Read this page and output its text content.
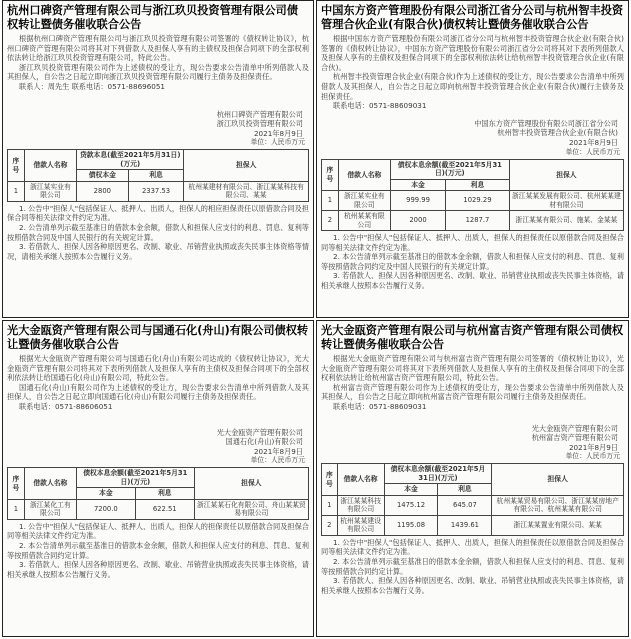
杭州口碑资产管理有限公司与浙江玖贝投资管理有限公司债权转让暨债务催收联合公告

根据杭州口碑资产管理有限公司与浙江玖贝投资管理有限公司签署的《债权转让协议》，杭州口碑资产管理有限公司将其对下列借款人及担保人享有的主债权及担保合同项下的全部权利依法转让给浙江玖贝投资管理有限公司，特此公告。

浙江玖贝投资管理有限公司作为上述债权的受让方，现公告要求公告清单中所列借款人及其担保人，自公告之日起立即向浙江玖贝投资管理有限公司履行主债务及担保责任。

联系人：周先生 联系电话：0571-88696051
杭州口碑资产管理有限公司
浙江玖贝投资管理有限公司
2021年8月9日
单位：人民币万元
序号	借款人名称	贷款本息(截至2021年5月31日)(万元)		担保人
		债权本金	利息	
1	浙江某实业有限公司	2800	2337.53	杭州某建材有限公司、浙江某某科技有限公司、某某

1. 公告中"担保人"包括保证人、抵押人、出质人，担保人的相应担保责任以原借款合同及担保合同等相关法律文件约定为准。

2. 公告清单列示截至基准日的借款本金余额，借款人和担保人应支付的利息、罚息、复利等按照借款合同及中国人民银行的有关规定计算。

3. 若借款人、担保人因各种原因更名、改制、歇业、吊销营业执照或丧失民事主体资格等情况，请相关承继人按照本公告履行义务。

中国东方资产管理股份有限公司浙江省分公司与杭州智丰投资管理合伙企业(有限合伙)债权转让暨债务催收联合公告

根据中国东方资产管理股份有限公司浙江省分公司与杭州智丰投资管理合伙企业(有限合伙)签署的《债权转让协议》，中国东方资产管理股份有限公司浙江省分公司将其对下表所列借款人及担保人享有的主债权及担保合同项下的全部权利依法转让给杭州智丰投资管理合伙企业(有限合伙)。

杭州智丰投资管理合伙企业(有限合伙)作为上述债权的受让方，现公告要求公告清单中所列借款人及其担保人，自公告之日起立即向杭州智丰投资管理合伙企业(有限合伙)履行主债务及担保责任。

联系电话：0571-88609031
中国东方资产管理股份有限公司浙江省分公司
杭州智丰投资管理合伙企业(有限合伙)
2021年8月9日
单位：人民币万元
序号	借款人名称	债权本息余额(截至2021年5月31日)(万元)		担保人
		本金	利息	
1	浙江某实业有限公司	999.99	1029.29	浙江某某发展有限公司、杭州某某建材有限公司
2	杭州某某有限公司	2000	1287.7	浙江某某有限公司、施某、金某某

1. 公告中"担保人"包括保证人、抵押人、出质人，担保人的担保责任以原借款合同及担保合同等相关法律文件约定为准。

2. 本公告清单列示截至基准日的借款本金余额，借款人和担保人应支付的利息、罚息、复利等按照借款合同约定及中国人民银行的有关规定计算。

3. 若借款人、担保人因各种原因更名、改制、歇业、吊销营业执照或丧失民事主体资格，请相关承继人按照本公告履行义务。

光大金瓯资产管理有限公司与国通石化(舟山)有限公司债权转让暨债务催收联合公告

根据光大金瓯资产管理有限公司与国通石化(舟山)有限公司达成的《债权转让协议》，光大金瓯资产管理有限公司将其对下表所列借款人及担保人享有的主债权及担保合同项下的全部权利依法转让给国通石化(舟山)有限公司，特此公告。

国通石化(舟山)有限公司作为上述债权的受让方，现公告要求公告清单中所列借款人及其担保人，自公告之日起立即向国通石化(舟山)有限公司履行主债务及担保责任。

联系电话：0571-88606051
光大金瓯资产管理有限公司
国通石化(舟山)有限公司
2021年8月9日
单位：人民币万元
序号	借款人名称	债权本息余额(截至2021年5月31日)(万元)		担保人
		本金	利息	
1	浙江某化工有限公司	7200.0	622.51	浙江某某石化有限公司、舟山某某贸易有限公司

1. 公告中"担保人"包括保证人、抵押人、出质人，担保人的担保责任以原借款合同及担保合同等相关法律文件约定为准。

2. 本公告清单列示截至基准日的借款本金余额，借款人和担保人应支付的利息、罚息、复利等按照借款合同约定计算。

3. 若借款人、担保人因各种原因更名、改制、歇业、吊销营业执照或丧失民事主体资格，请相关承继人按照本公告履行义务。

光大金瓯资产管理有限公司与杭州富吉资产管理有限公司债权转让暨债务催收联合公告

根据光大金瓯资产管理有限公司与杭州富吉资产管理有限公司签署的《债权转让协议》，光大金瓯资产管理有限公司将其对下表所列借款人及担保人享有的主债权及担保合同项下的全部权利依法转让给杭州富吉资产管理有限公司，特此公告。

杭州富吉资产管理有限公司作为上述债权的受让方，现公告要求公告清单中所列借款人及其担保人，自公告之日起立即向杭州富吉资产管理有限公司履行主债务及担保责任。

联系电话：0571-88609031
光大金瓯资产管理有限公司
杭州富吉资产管理有限公司
2021年8月9日
单位：人民币万元
序号	借款人名称	债权本息余额(截至2021年5月31日)(万元)		担保人
		本金	利息	
1	浙江某某科技有限公司	1475.12	645.07	杭州某某贸易有限公司、浙江某某房地产有限公司、杭州某某有限公司
2	杭州某某建设有限公司	1195.08	1439.61	浙江某某置业有限公司、某某

1. 公告中"担保人"包括保证人、抵押人、出质人，担保人的担保责任以原借款合同及担保合同等相关法律文件约定为准。

2. 本公告清单列示截至基准日的借款本金余额，借款人和担保人应支付的利息、罚息、复利等按照借款合同约定计算。

3. 若借款人、担保人因各种原因更名、改制、歇业、吊销营业执照或丧失民事主体资格，请相关承继人按照本公告履行义务。
